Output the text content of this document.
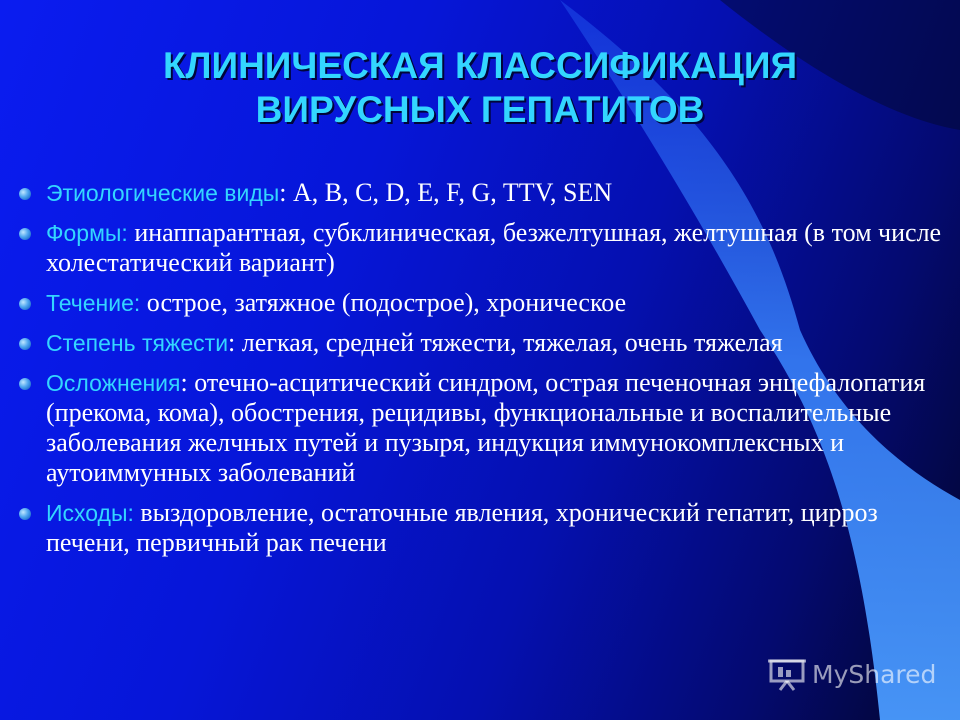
КЛИНИЧЕСКАЯ КЛАССИФИКАЦИЯ
ВИРУСНЫХ ГЕПАТИТОВ
Этиологические виды: A, B, C, D, E, F, G, TTV, SEN
Формы: инаппарантная, субклиническая, безжелтушная, желтушная (в том числе холестатический вариант)
Течение: острое, затяжное (подострое), хроническое
Степень тяжести: легкая, средней тяжести, тяжелая, очень тяжелая
Осложнения: отечно-асцитический синдром, острая печеночная энцефалопатия (прекома, кома), обострения, рецидивы, функциональные и воспалительные заболевания желчных путей и пузыря, индукция иммунокомплексных и аутоиммунных заболеваний
Исходы: выздоровление, остаточные явления, хронический гепатит, цирроз печени, первичный рак печени
MyShared
